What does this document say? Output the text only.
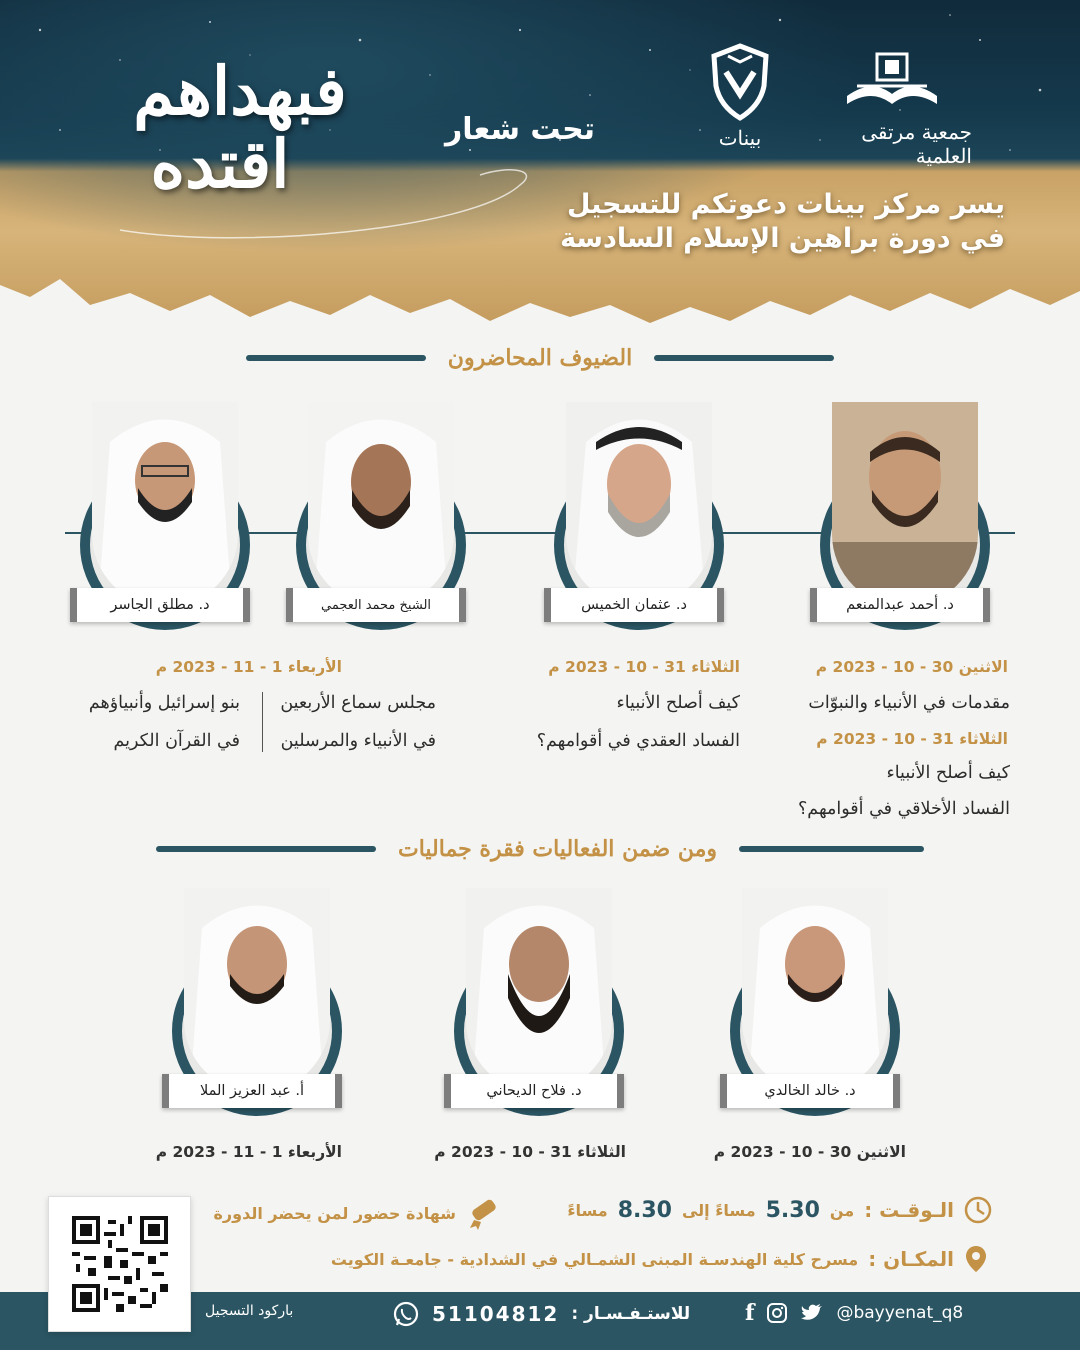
جمعية مرتقى العلمية
بينات
تحت شعار
فبهداهم
اقتده
يسر مركز بينات دعوتكم للتسجيل
في دورة براهين الإسلام السادسة
الضيوف المحاضرون
د. أحمد عبدالمنعم
د. عثمان الخميس
الشيخ محمد العجمي
د. مطلق الجاسر
الاثنين 30 - 10 - 2023 م
مقدمات في الأنبياء والنبوّات
الثلاثاء 31 - 10 - 2023 م
كيف أصلح الأنبياء
الفساد الأخلاقي في أقوامهم؟
الثلاثاء 31 - 10 - 2023 م
كيف أصلح الأنبياء
الفساد العقدي في أقوامهم؟
الأربعاء 1 - 11 - 2023 م
مجلس سماع الأربعين
في الأنبياء والمرسلين
بنو إسرائيل وأنبياؤهم
في القرآن الكريم
ومن ضمن الفعاليات فقرة جماليات
د. خالد الخالدي
الاثنين 30 - 10 - 2023 م
د. فلاح الديحاني
الثلاثاء 31 - 10 - 2023 م
أ. عبد العزيز الملا
الأربعاء 1 - 11 - 2023 م
الـوقـت :
من
5.30
مساءً إلى
8.30
مساءً
شهادة حضور لمن يحضر الدورة
المكـان :
مسرح كلية الهندسـة المبنى الشمـالي في الشدادية - جامعـة الكويت
باركود التسجيل	51104812 للاستـفـسـار : f	@bayyenat_q8
